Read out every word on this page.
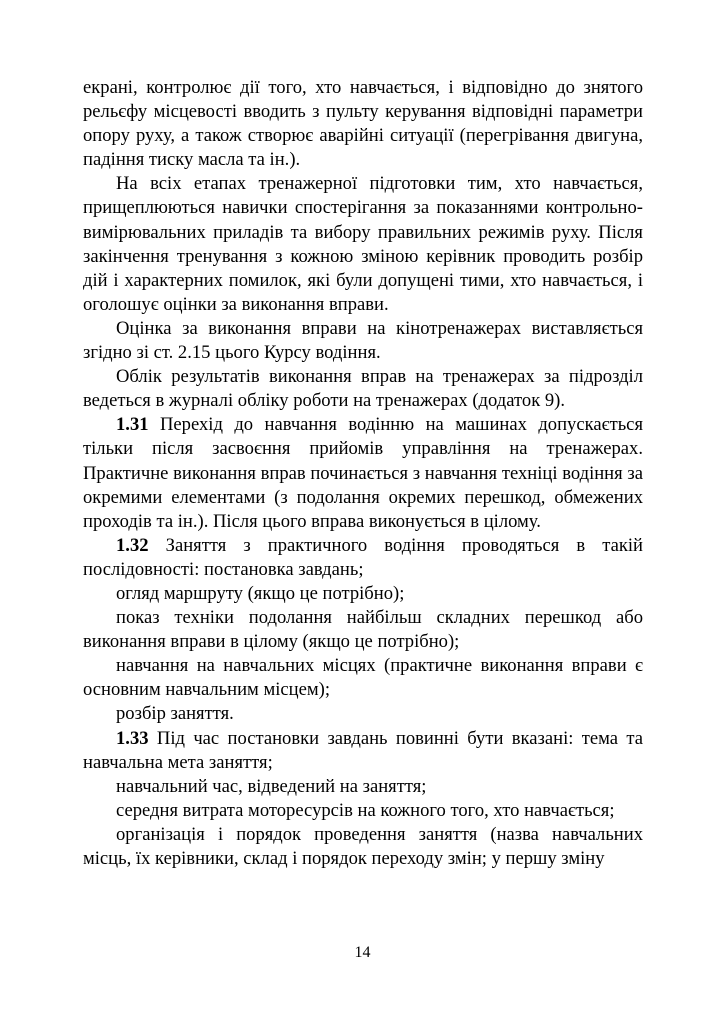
екрані, контролює дії того, хто навчається, і відповідно до знятого рельєфу місцевості вводить з пульту керування відповідні параметри опору руху, а також створює аварійні ситуації (перегрівання двигуна, падіння тиску масла та ін.).

На всіх етапах тренажерної підготовки тим, хто навчається, прищеплюються навички спостерігання за показаннями контрольно-вимірювальних приладів та вибору правильних режимів руху. Після закінчення тренування з кожною зміною керівник проводить розбір дій і характерних помилок, які були допущені тими, хто навчається, і оголошує оцінки за виконання вправи.

Оцінка за виконання вправи на кінотренажерах виставляється згідно зі ст. 2.15 цього Курсу водіння.

Облік результатів виконання вправ на тренажерах за підрозділ ведеться в журналі обліку роботи на тренажерах (додаток 9).

1.31 Перехід до навчання водінню на машинах допускається тільки після засвоєння прийомів управління на тренажерах. Практичне виконання вправ починається з навчання техніці водіння за окремими елементами (з подолання окремих перешкод, обмежених проходів та ін.). Після цього вправа виконується в цілому.

1.32 Заняття з практичного водіння проводяться в такій послідовності: постановка завдань;

огляд маршруту (якщо це потрібно);

показ техніки подолання найбільш складних перешкод або виконання вправи в цілому (якщо це потрібно);

навчання на навчальних місцях (практичне виконання вправи є основним навчальним місцем);

розбір заняття.

1.33 Під час постановки завдань повинні бути вказані: тема та навчальна мета заняття;

навчальний час, відведений на заняття;

середня витрата моторесурсів на кожного того, хто навчається;

організація і порядок проведення заняття (назва навчальних місць, їх керівники, склад і порядок переходу змін; у першу зміну

14
